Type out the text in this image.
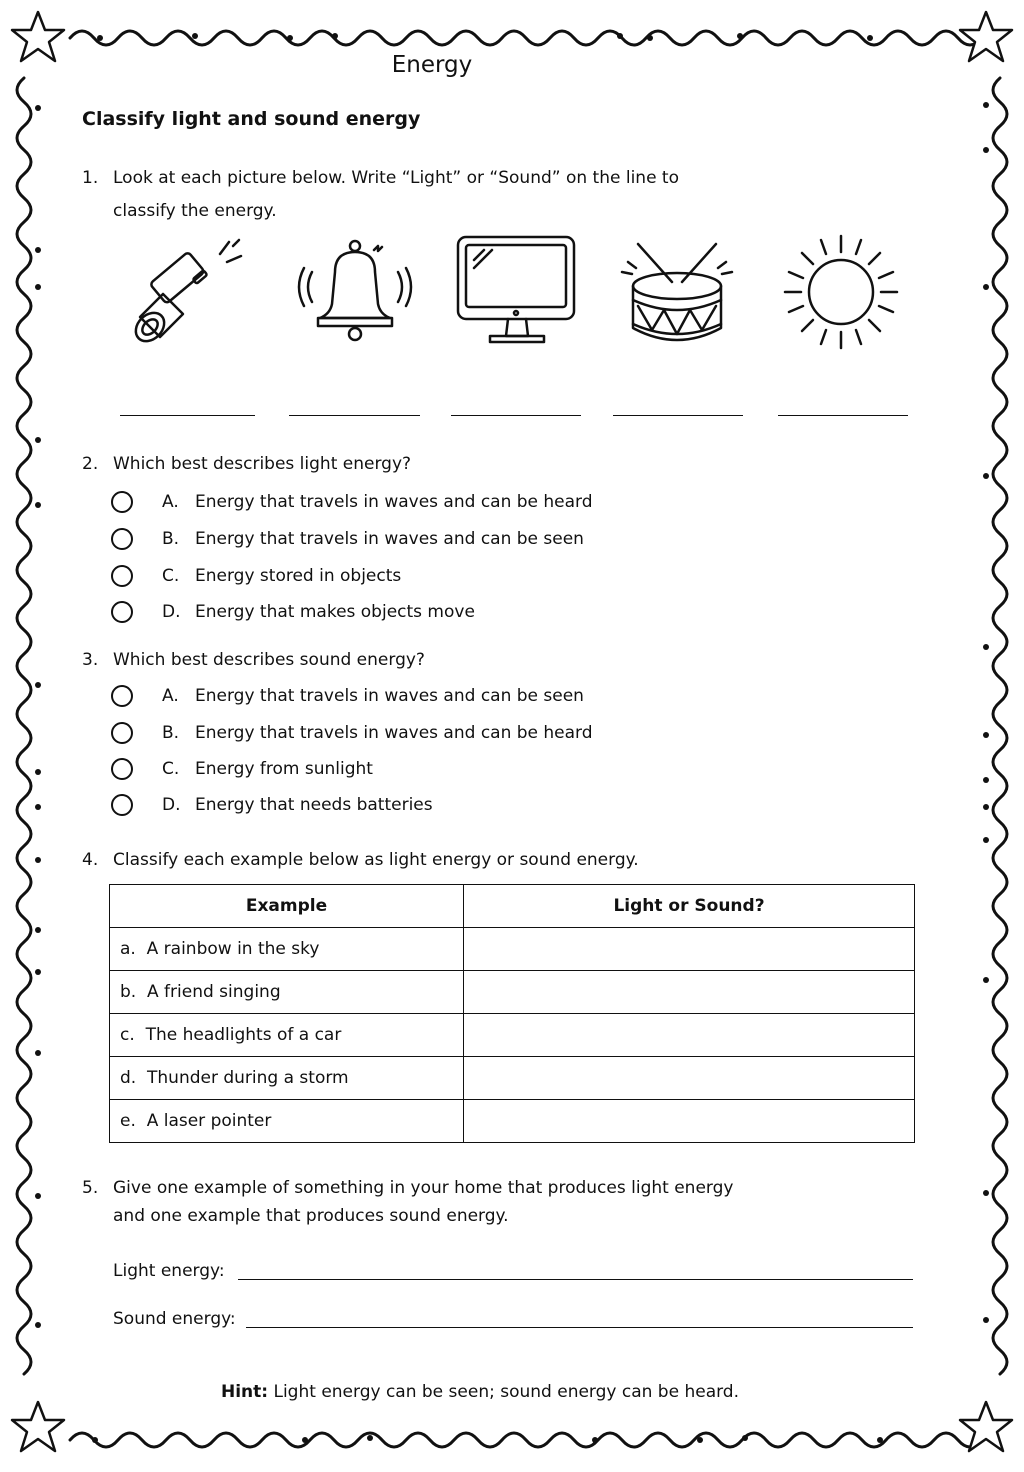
Energy
Classify light and sound energy
1. Look at each picture below. Write “Light” or “Sound” on the line to
classify the energy.
2. Which best describes light energy?
A. Energy that travels in waves and can be heard
B. Energy that travels in waves and can be seen
C. Energy stored in objects
D. Energy that makes objects move
3. Which best describes sound energy?
A. Energy that travels in waves and can be seen
B. Energy that travels in waves and can be heard
C. Energy from sunlight
D. Energy that needs batteries
4. Classify each example below as light energy or sound energy.
Example	Light or Sound?
a. A rainbow in the sky	
b. A friend singing	
c. The headlights of a car	
d. Thunder during a storm	
e. A laser pointer	
5. Give one example of something in your home that produces light energy
and one example that produces sound energy.
Light energy:
Sound energy:
Hint: Light energy can be seen; sound energy can be heard.
